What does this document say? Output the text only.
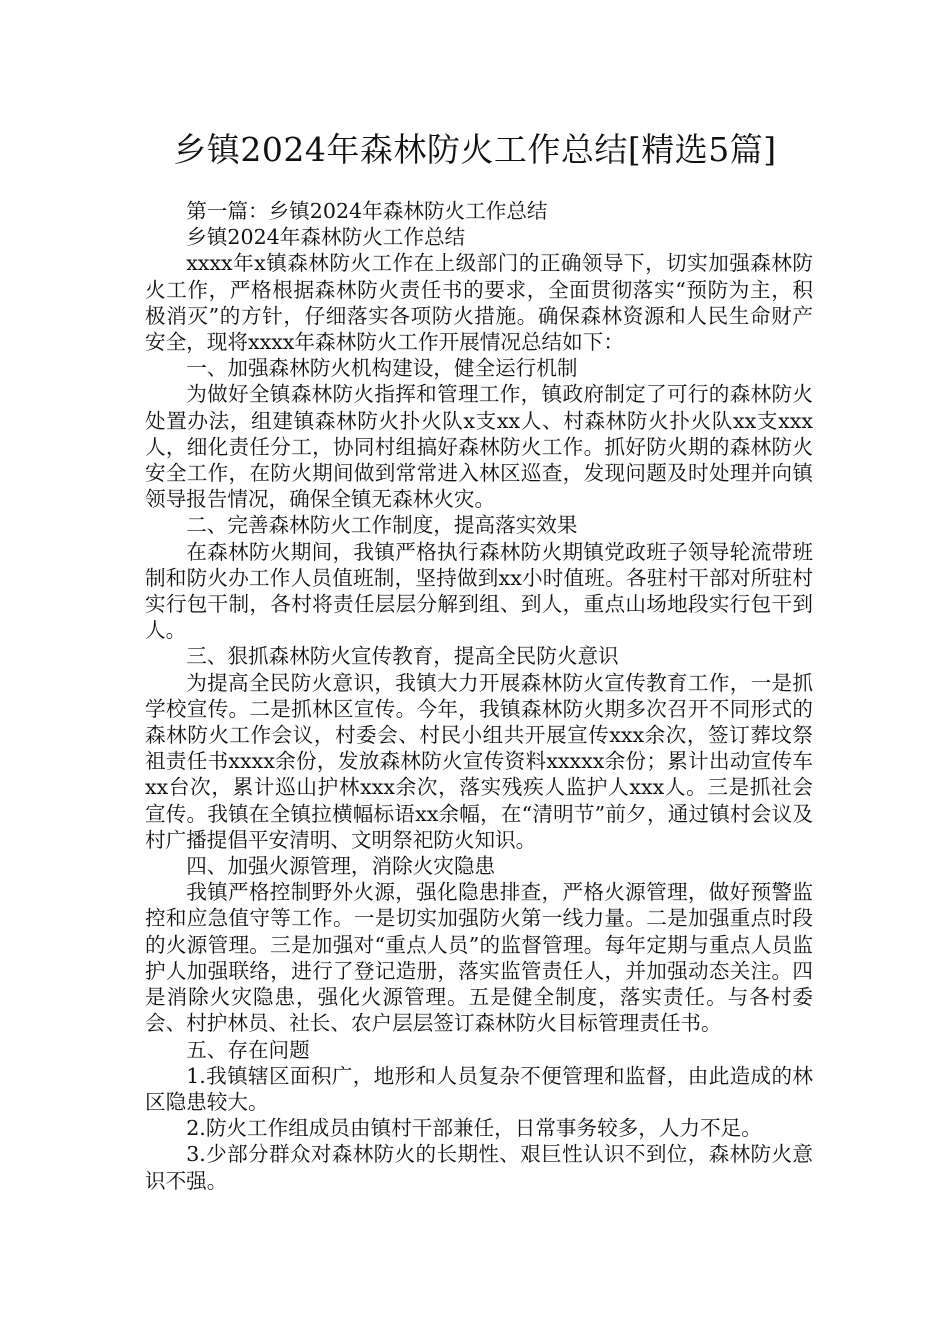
乡镇2024年森林防火工作总结[精选5篇]

第一篇：乡镇2024年森林防火工作总结

乡镇2024年森林防火工作总结

xxxx年x镇森林防火工作在上级部门的正确领导下，切实加强森林防火工作，严格根据森林防火责任书的要求，全面贯彻落实“预防为主，积极消灭”的方针，仔细落实各项防火措施。确保森林资源和人民生命财产安全，现将xxxx年森林防火工作开展情况总结如下：

一、加强森林防火机构建设，健全运行机制

为做好全镇森林防火指挥和管理工作，镇政府制定了可行的森林防火处置办法，组建镇森林防火扑火队x支xx人、村森林防火扑火队xx支xxx人，细化责任分工，协同村组搞好森林防火工作。抓好防火期的森林防火安全工作，在防火期间做到常常进入林区巡查，发现问题及时处理并向镇领导报告情况，确保全镇无森林火灾。

二、完善森林防火工作制度，提高落实效果

在森林防火期间，我镇严格执行森林防火期镇党政班子领导轮流带班制和防火办工作人员值班制，坚持做到xx小时值班。各驻村干部对所驻村实行包干制，各村将责任层层分解到组、到人，重点山场地段实行包干到人。

三、狠抓森林防火宣传教育，提高全民防火意识

为提高全民防火意识，我镇大力开展森林防火宣传教育工作，一是抓学校宣传。二是抓林区宣传。今年，我镇森林防火期多次召开不同形式的森林防火工作会议，村委会、村民小组共开展宣传xxx余次，签订葬坟祭祖责任书xxxx余份，发放森林防火宣传资料xxxxx余份；累计出动宣传车xx台次，累计巡山护林xxx余次，落实残疾人监护人xxx人。三是抓社会宣传。我镇在全镇拉横幅标语xx余幅，在“清明节”前夕，通过镇村会议及村广播提倡平安清明、文明祭祀防火知识。

四、加强火源管理，消除火灾隐患

我镇严格控制野外火源，强化隐患排查，严格火源管理，做好预警监控和应急值守等工作。一是切实加强防火第一线力量。二是加强重点时段的火源管理。三是加强对“重点人员”的监督管理。每年定期与重点人员监护人加强联络，进行了登记造册，落实监管责任人，并加强动态关注。四是消除火灾隐患，强化火源管理。五是健全制度，落实责任。与各村委会、村护林员、社长、农户层层签订森林防火目标管理责任书。

五、存在问题

1.我镇辖区面积广，地形和人员复杂不便管理和监督，由此造成的林区隐患较大。

2.防火工作组成员由镇村干部兼任，日常事务较多，人力不足。

3.少部分群众对森林防火的长期性、艰巨性认识不到位，森林防火意识不强。
